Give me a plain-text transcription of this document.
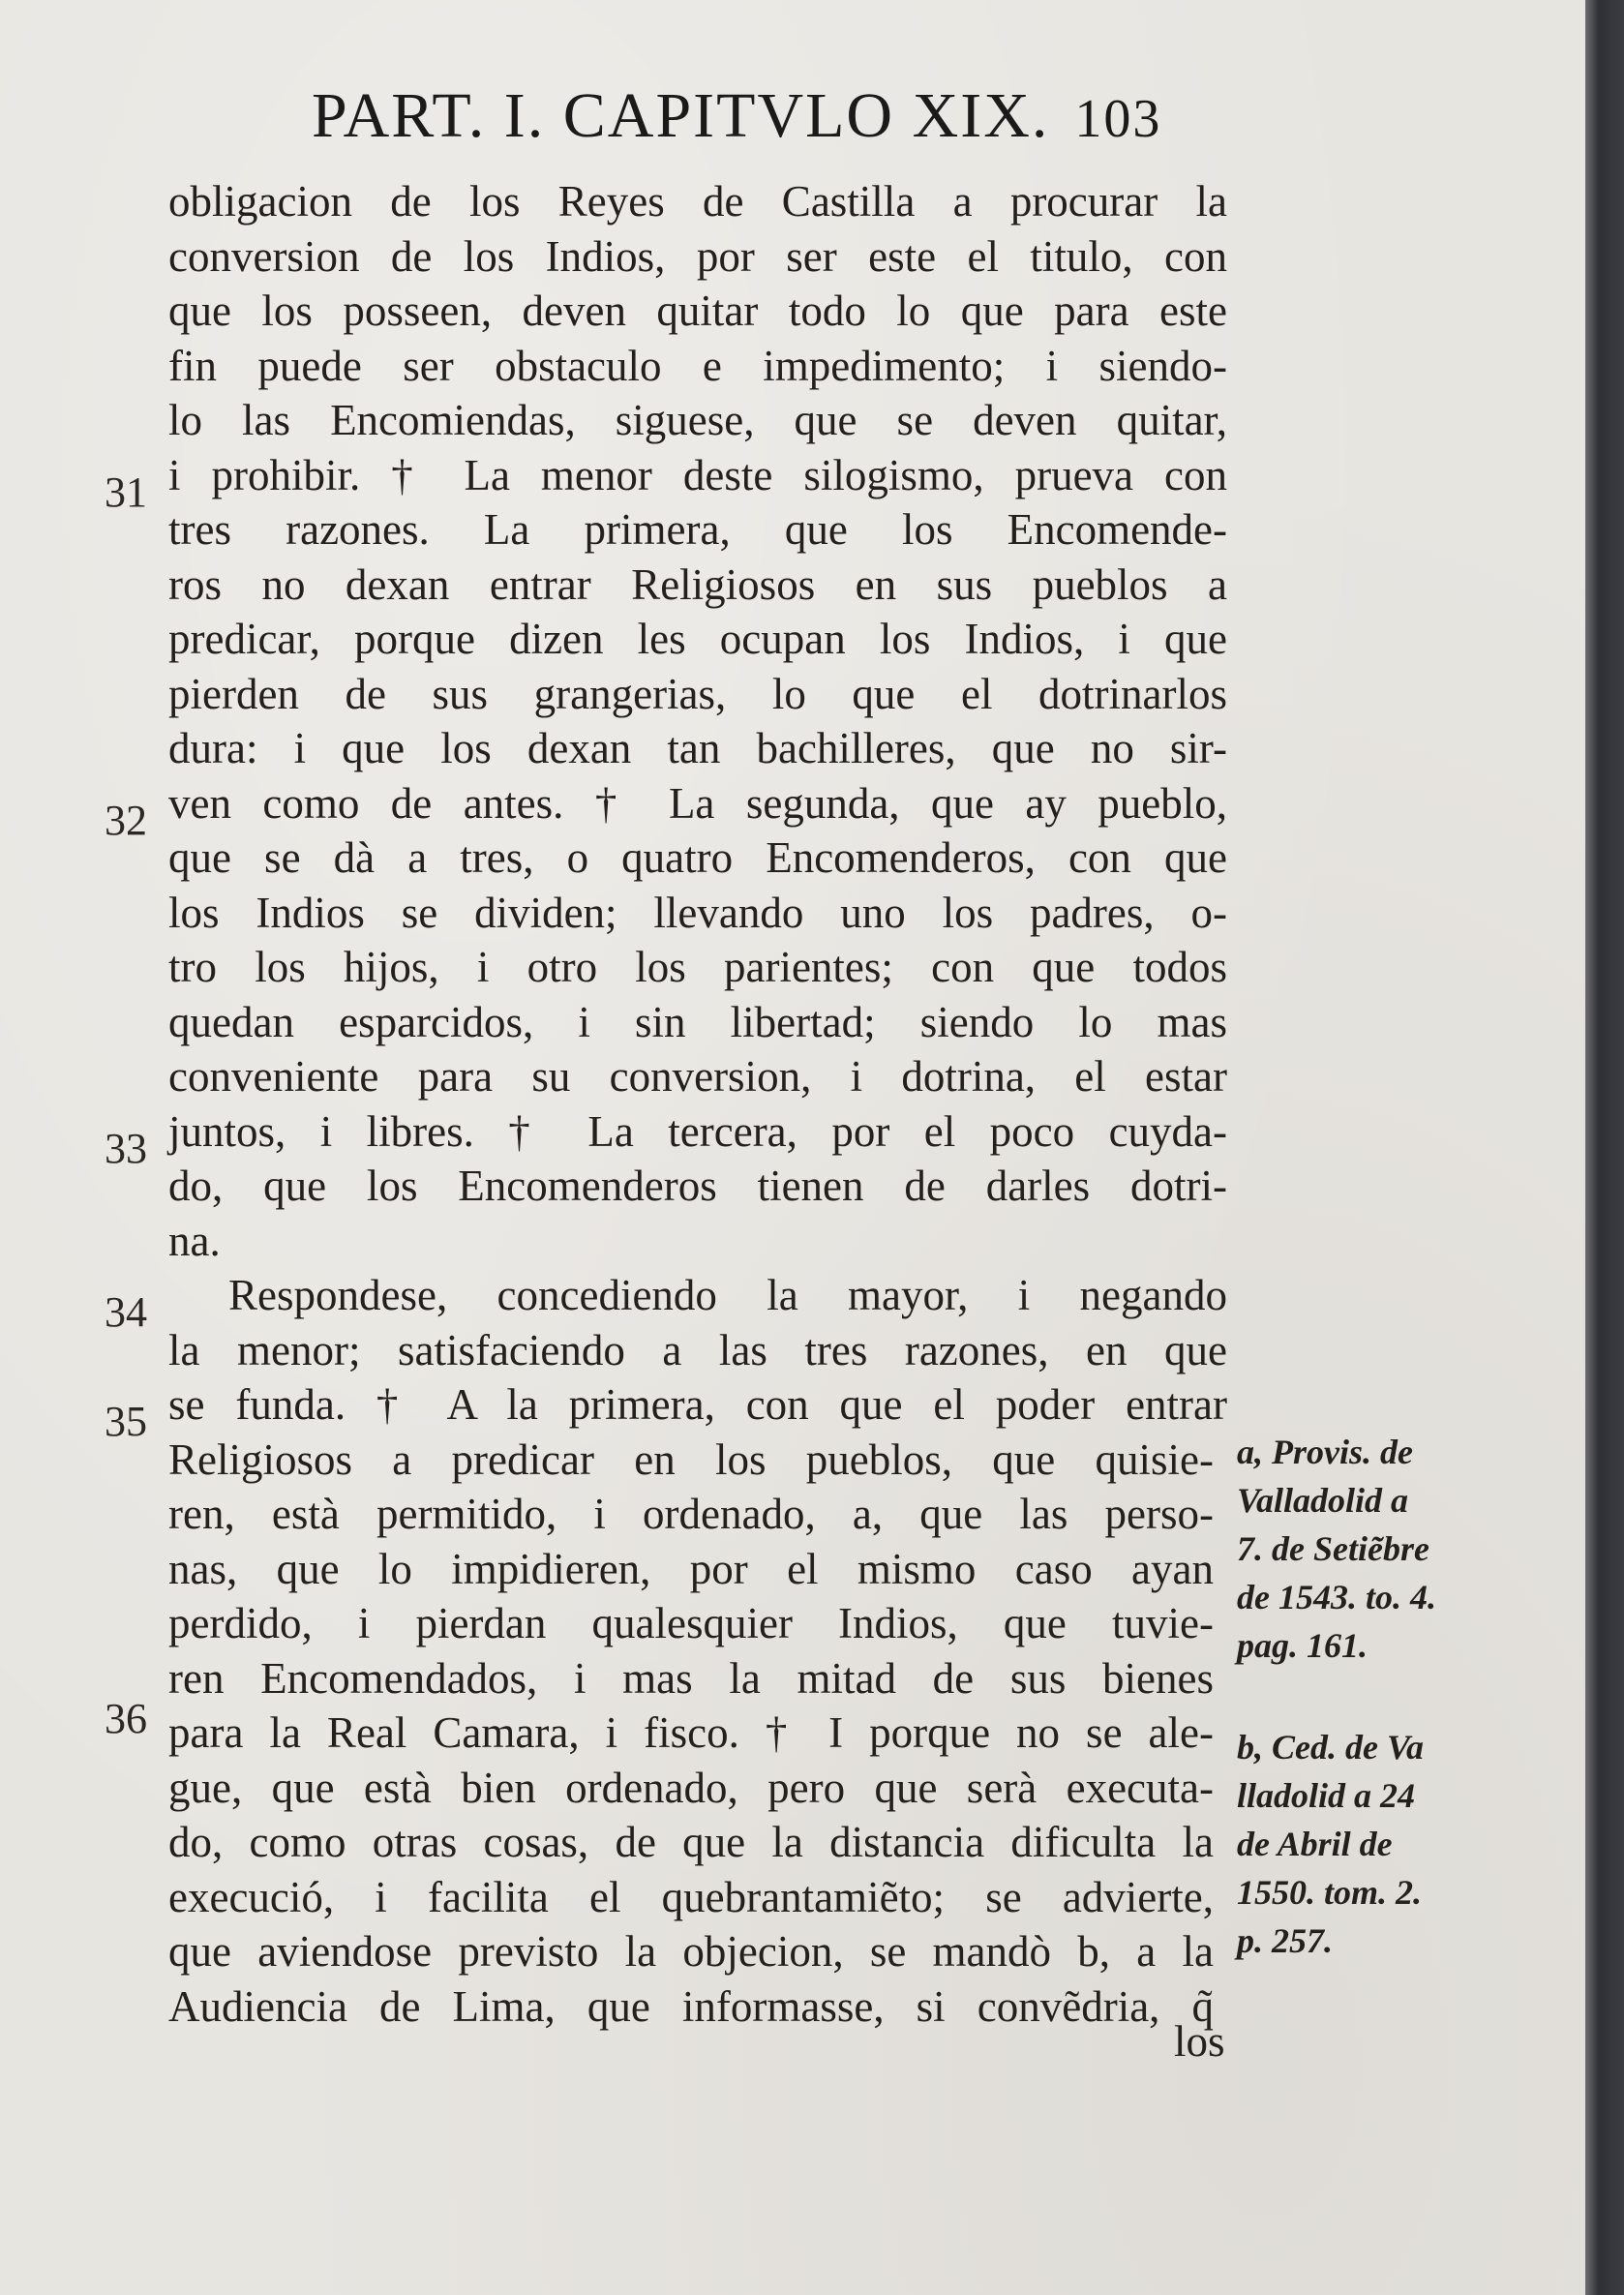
PART. I. CAPITVLO XIX. 103
obligacion de los Reyes de Castilla a procurar la
conversion de los Indios, por ser este el titulo, con
que los posseen, deven quitar todo lo que para este
fin puede ser obstaculo e impedimento; i siendo-
lo las Encomiendas, siguese, que se deven quitar,
i prohibir. † La menor deste silogismo, prueva con
tres razones. La primera, que los Encomende-
ros no dexan entrar Religiosos en sus pueblos a
predicar, porque dizen les ocupan los Indios, i que
pierden de sus grangerias, lo que el dotrinarlos
dura: i que los dexan tan bachilleres, que no sir-
ven como de antes. † La segunda, que ay pueblo,
que se dà a tres, o quatro Encomenderos, con que
los Indios se dividen; llevando uno los padres, o-
tro los hijos, i otro los parientes; con que todos
quedan esparcidos, i sin libertad; siendo lo mas
conveniente para su conversion, i dotrina, el estar
juntos, i libres. † La tercera, por el poco cuyda-
do, que los Encomenderos tienen de darles dotri-
na.
Respondese, concediendo la mayor, i negando
la menor; satisfaciendo a las tres razones, en que
se funda. † A la primera, con que el poder entrar
Religiosos a predicar en los pueblos, que quisie-
ren, està permitido, i ordenado, a, que las perso-
nas, que lo impidieren, por el mismo caso ayan
perdido, i pierdan qualesquier Indios, que tuvie-
ren Encomendados, i mas la mitad de sus bienes
para la Real Camara, i fisco. † I porque no se ale-
gue, que està bien ordenado, pero que serà executa-
do, como otras cosas, de que la distancia dificulta la
execució, i facilita el quebrantamiẽto; se advierte,
que aviendose previsto la objecion, se mandò b, a la
Audiencia de Lima, que informasse, si convẽdria, q̃
31
32
33
34
35
36
a, Provis. de
Valladolid a
7. de Setiẽbre
de 1543. to. 4.
pag. 161.
b, Ced. de Va
lladolid a 24
de Abril de
1550. tom. 2.
p. 257.
los
